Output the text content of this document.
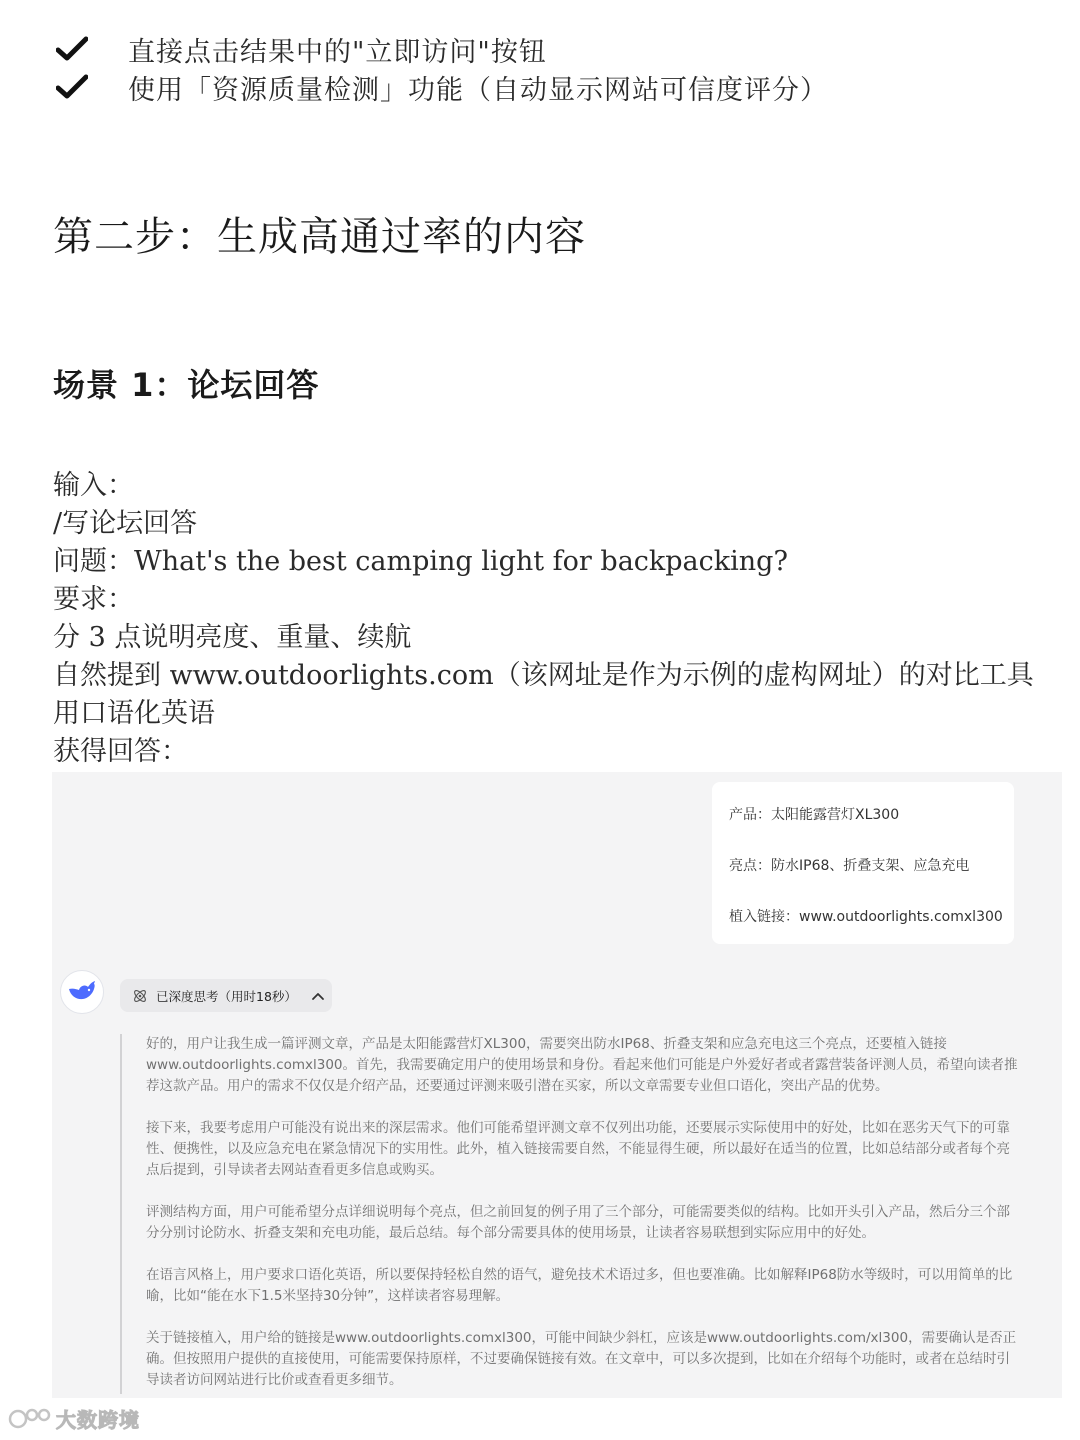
直接点击结果中的"立即访问"按钮
使用「资源质量检测」功能（自动显示网站可信度评分）
第二步：生成高通过率的内容
场景 1：论坛回答
输入：
/写论坛回答
问题：What's the best camping light for backpacking?
要求：
分 3 点说明亮度、重量、续航
自然提到 www.outdoorlights.com（该网址是作为示例的虚构网址）的对比工具
用口语化英语
获得回答：
产品：太阳能露营灯XL300
亮点：防水IP68、折叠支架、应急充电
植入链接：www.outdoorlights.comxl300
已深度思考（用时18秒）

好的，用户让我生成一篇评测文章，产品是太阳能露营灯XL300，需要突出防水IP68、折叠支架和应急充电这三个亮点，还要植入链接www.outdoorlights.comxl300。首先，我需要确定用户的使用场景和身份。看起来他们可能是户外爱好者或者露营装备评测人员，希望向读者推荐这款产品。用户的需求不仅仅是介绍产品，还要通过评测来吸引潜在买家，所以文章需要专业但口语化，突出产品的优势。

接下来，我要考虑用户可能没有说出来的深层需求。他们可能希望评测文章不仅列出功能，还要展示实际使用中的好处，比如在恶劣天气下的可靠性、便携性，以及应急充电在紧急情况下的实用性。此外，植入链接需要自然，不能显得生硬，所以最好在适当的位置，比如总结部分或者每个亮点后提到，引导读者去网站查看更多信息或购买。

评测结构方面，用户可能希望分点详细说明每个亮点，但之前回复的例子用了三个部分，可能需要类似的结构。比如开头引入产品，然后分三个部分分别讨论防水、折叠支架和充电功能，最后总结。每个部分需要具体的使用场景，让读者容易联想到实际应用中的好处。

在语言风格上，用户要求口语化英语，所以要保持轻松自然的语气，避免技术术语过多，但也要准确。比如解释IP68防水等级时，可以用简单的比喻，比如“能在水下1.5米坚持30分钟”，这样读者容易理解。

关于链接植入，用户给的链接是www.outdoorlights.comxl300，可能中间缺少斜杠，应该是www.outdoorlights.com/xl300，需要确认是否正确。但按照用户提供的直接使用，可能需要保持原样，不过要确保链接有效。在文章中，可以多次提到，比如在介绍每个功能时，或者在总结时引导读者访问网站进行比价或查看更多细节。

大数跨境
